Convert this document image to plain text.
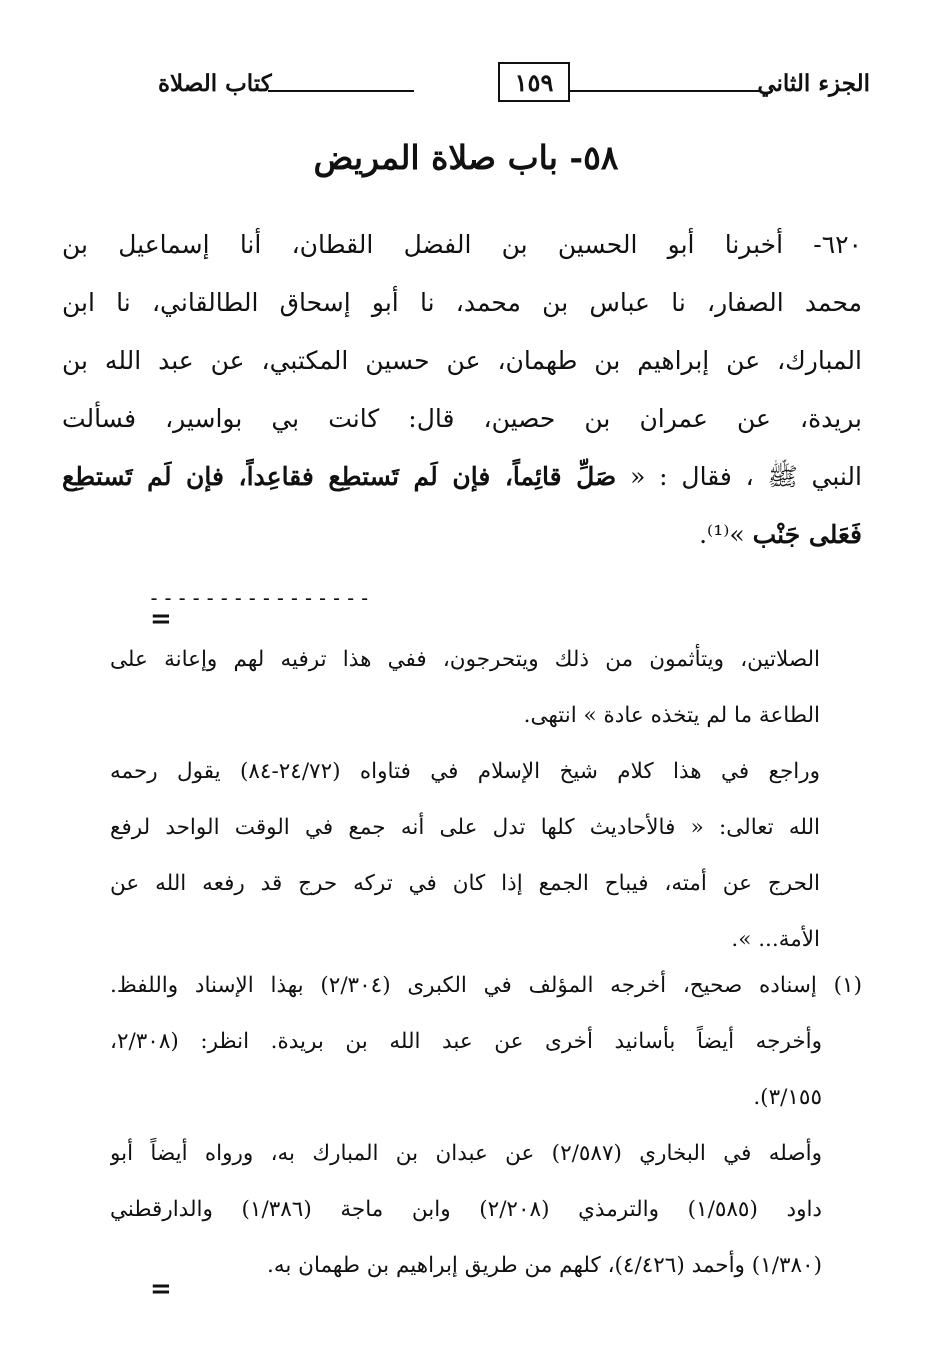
الجزء الثاني
١٥٩
كتاب الصلاة
٥٨- باب صلاة المريض
٦٢٠- أخبرنا أبو الحسين بن الفضل القطان، أنا إسماعيل بن
محمد الصفار، نا عباس بن محمد، نا أبو إسحاق الطالقاني، نا ابن
المبارك، عن إبراهيم بن طهمان، عن حسين المكتبي، عن عبد الله بن
بريدة، عن عمران بن حصين، قال: كانت بي بواسير، فسألت
النبي ﷺ ، فقال : « صَلِّ قائِماً، فإن لَم تَستطِع فقاعِداً، فإن لَم تَستطِع
فَعَلى جَنْب »⁽¹⁾.
----------------
=
الصلاتين، ويتأثمون من ذلك ويتحرجون، ففي هذا ترفيه لهم وإعانة على
الطاعة ما لم يتخذه عادة » انتهى.
وراجع في هذا كلام شيخ الإسلام في فتاواه (٢٤/٧٢-٨٤) يقول رحمه
الله تعالى: « فالأحاديث كلها تدل على أنه جمع في الوقت الواحد لرفع
الحرج عن أمته، فيباح الجمع إذا كان في تركه حرج قد رفعه الله عن
الأمة... ».
(١) إسناده صحيح، أخرجه المؤلف في الكبرى (٢/٣٠٤) بهذا الإسناد واللفظ.
وأخرجه أيضاً بأسانيد أخرى عن عبد الله بن بريدة. انظر: (٢/٣٠٨،
٣/١٥٥).
وأصله في البخاري (٢/٥٨٧) عن عبدان بن المبارك به، ورواه أيضاً أبو
داود (١/٥٨٥) والترمذي (٢/٢٠٨) وابن ماجة (١/٣٨٦) والدارقطني
(١/٣٨٠) وأحمد (٤/٤٢٦)، كلهم من طريق إبراهيم بن طهمان به.
=
